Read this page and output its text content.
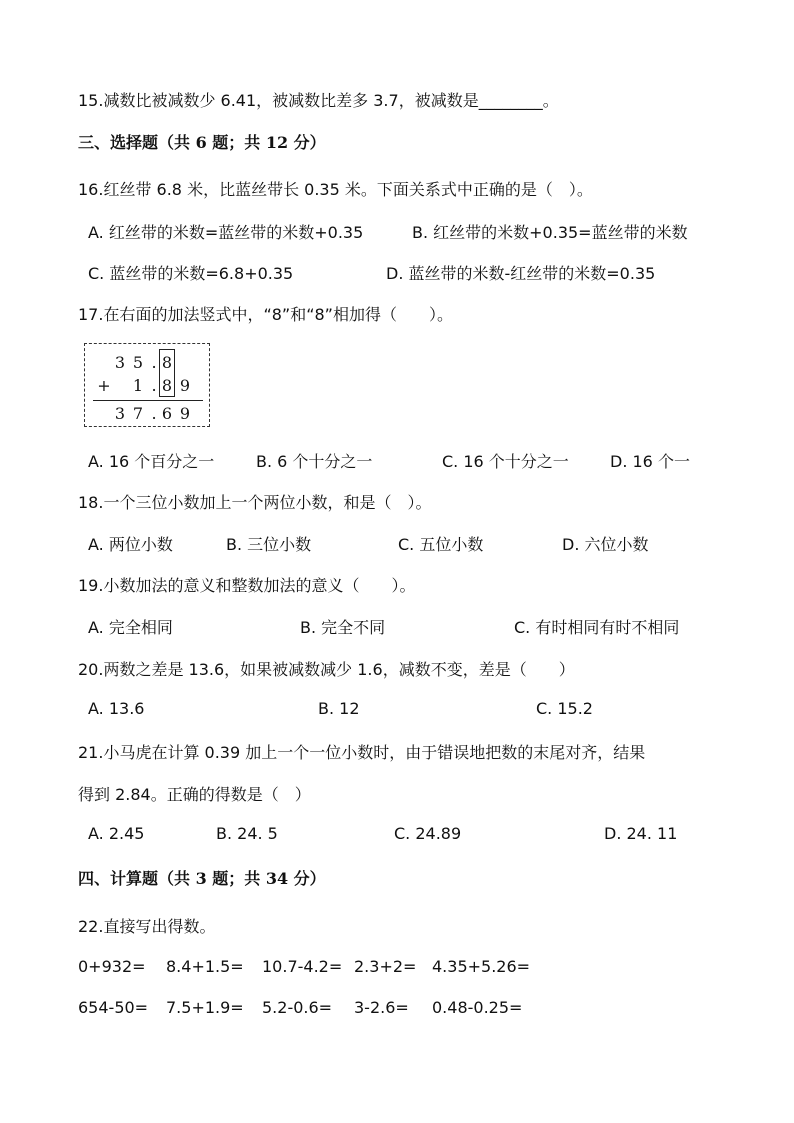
15.减数比被减数少 6.41，被减数比差多 3.7，被减数是________。
三、选择题（共 6 题；共 12 分）
16.红丝带 6.8 米，比蓝丝带长 0.35 米。下面关系式中正确的是（　）。
A. 红丝带的米数=蓝丝带的米数+0.35	B. 红丝带的米数+0.35=蓝丝带的米数
C. 蓝丝带的米数=6.8+0.35	D. 蓝丝带的米数-红丝带的米数=0.35
17.在右面的加法竖式中，“8”和“8”相加得（　　）。
3 5 . 8
+ 1 . 8 9
3 7 . 6 9
A. 16 个百分之一	B. 6 个十分之一	C. 16 个十分之一	D. 16 个一
18.一个三位小数加上一个两位小数，和是（　）。
A. 两位小数	B. 三位小数	C. 五位小数	D. 六位小数
19.小数加法的意义和整数加法的意义（　　）。
A. 完全相同	B. 完全不同	C. 有时相同有时不相同
20.两数之差是 13.6，如果被减数减少 1.6，减数不变，差是（　　）
A. 13.6	B. 12	C. 15.2
21.小马虎在计算 0.39 加上一个一位小数时，由于错误地把数的末尾对齐，结果
得到 2.84。正确的得数是（　）
A. 2.45	B. 24. 5	C. 24.89	D. 24. 11
四、计算题（共 3 题；共 34 分）
22.直接写出得数。
0+932= 8.4+1.5= 10.7-4.2= 2.3+2= 4.35+5.26=
654-50= 7.5+1.9= 5.2-0.6= 3-2.6= 0.48-0.25=
